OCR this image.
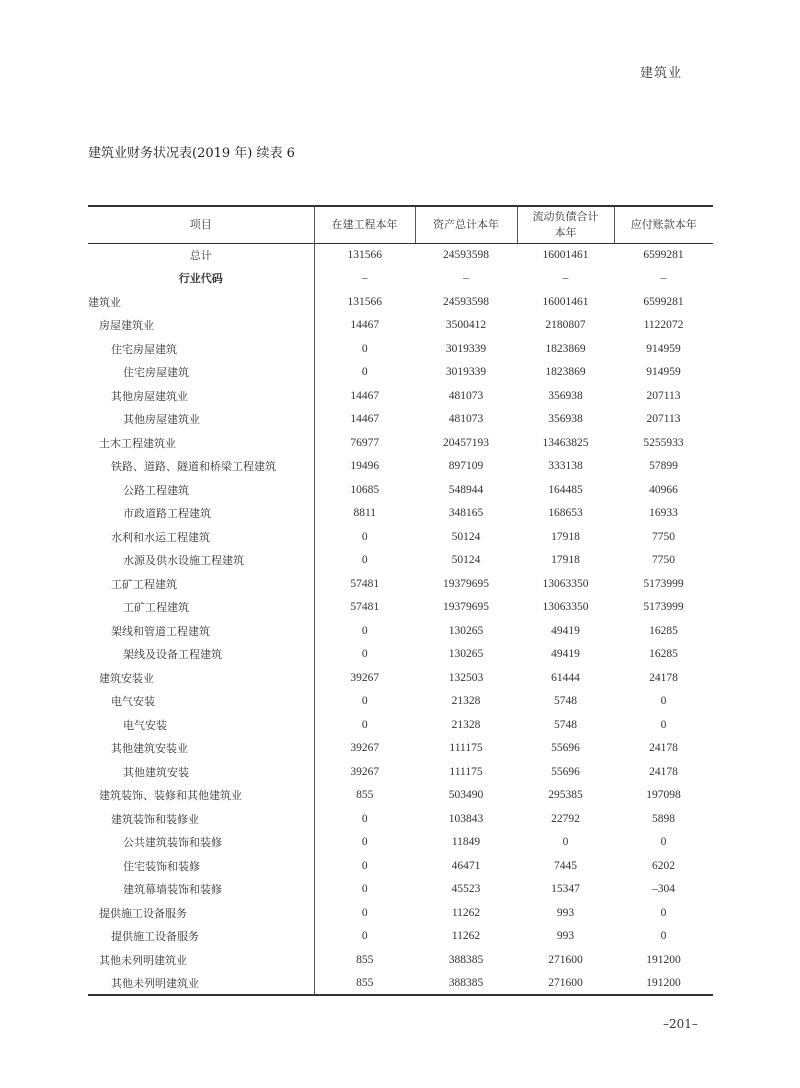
建筑业
建筑业财务状况表(2019 年) 续表 6
项目	在建工程本年	资产总计本年	流动负债合计本年	应付账款本年
总计	131566	24593598	16001461	6599281
行业代码	–	–	–	–
建筑业	131566	24593598	16001461	6599281
房屋建筑业	14467	3500412	2180807	1122072
住宅房屋建筑	0	3019339	1823869	914959
住宅房屋建筑	0	3019339	1823869	914959
其他房屋建筑业	14467	481073	356938	207113
其他房屋建筑业	14467	481073	356938	207113
土木工程建筑业	76977	20457193	13463825	5255933
铁路、道路、隧道和桥梁工程建筑	19496	897109	333138	57899
公路工程建筑	10685	548944	164485	40966
市政道路工程建筑	8811	348165	168653	16933
水利和水运工程建筑	0	50124	17918	7750
水源及供水设施工程建筑	0	50124	17918	7750
工矿工程建筑	57481	19379695	13063350	5173999
工矿工程建筑	57481	19379695	13063350	5173999
架线和管道工程建筑	0	130265	49419	16285
架线及设备工程建筑	0	130265	49419	16285
建筑安装业	39267	132503	61444	24178
电气安装	0	21328	5748	0
电气安装	0	21328	5748	0
其他建筑安装业	39267	111175	55696	24178
其他建筑安装	39267	111175	55696	24178
建筑装饰、装修和其他建筑业	855	503490	295385	197098
建筑装饰和装修业	0	103843	22792	5898
公共建筑装饰和装修	0	11849	0	0
住宅装饰和装修	0	46471	7445	6202
建筑幕墙装饰和装修	0	45523	15347	–304
提供施工设备服务	0	11262	993	0
提供施工设备服务	0	11262	993	0
其他未列明建筑业	855	388385	271600	191200
其他未列明建筑业	855	388385	271600	191200
–201–
